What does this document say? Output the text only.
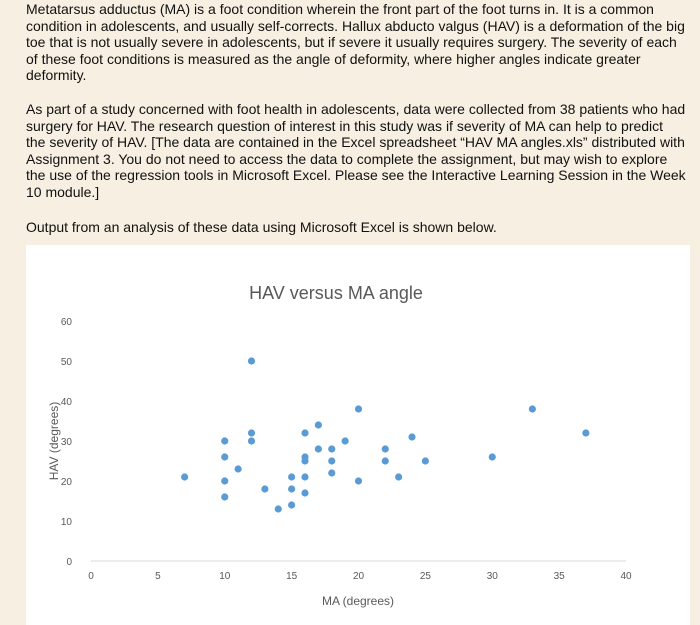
Metatarsus adductus (MA) is a foot condition wherein the front part of the foot turns in. It is a common condition in adolescents, and usually self-corrects. Hallux abducto valgus (HAV) is a deformation of the big toe that is not usually severe in adolescents, but if severe it usually requires surgery. The severity of each of these foot conditions is measured as the angle of deformity, where higher angles indicate greater deformity.

As part of a study concerned with foot health in adolescents, data were collected from 38 patients who had surgery for HAV. The research question of interest in this study was if severity of MA can help to predict the severity of HAV. [The data are contained in the Excel spreadsheet “HAV MA angles.xls” distributed with Assignment 3. You do not need to access the data to complete the assignment, but may wish to explore the use of the regression tools in Microsoft Excel. Please see the Interactive Learning Session in the Week 10 module.]

Output from an analysis of these data using Microsoft Excel is shown below.

HAV versus MA angle
0
10
20
30
40
50
60
0	5	10	15	20	25	30	35	40
MA (degrees)
HAV (degrees)
